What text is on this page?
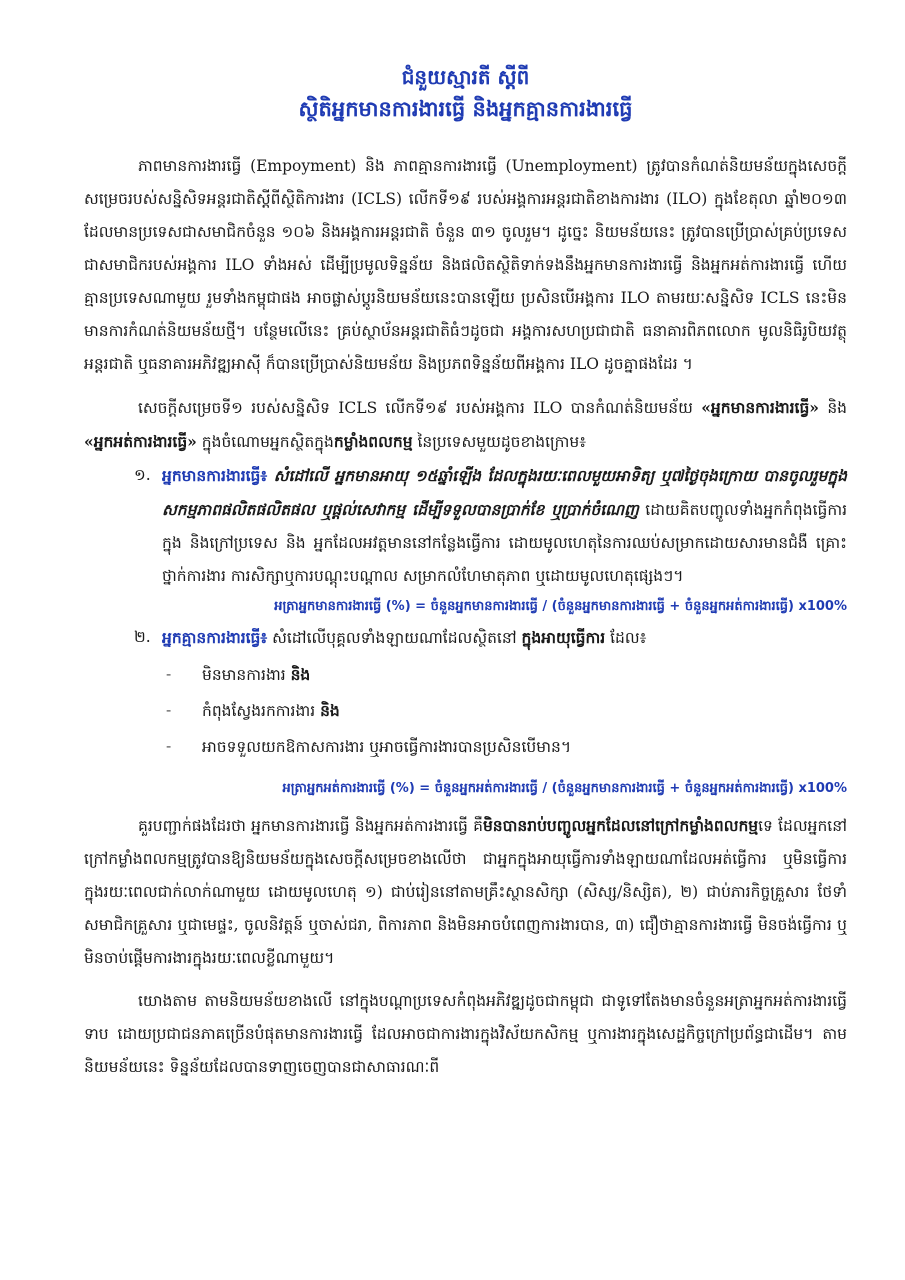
ជំនួយស្មារតី ស្តីពី
ស្ថិតិអ្នកមានការងារធ្វើ និងអ្នកគ្មានការងារធ្វើ

ភាពមានការងារធ្វើ (Empoyment) និង ភាពគ្មានការងារធ្វើ (Unemployment) ត្រូវបានកំណត់និយមន័យក្នុងសេចក្តីសម្រេចរបស់សន្និសិទអន្តរជាតិស្តីពីស្ថិតិការងារ (ICLS) លើកទី១៩ របស់អង្គការអន្តរជាតិខាងការងារ (ILO) ក្នុងខែតុលា ឆ្នាំ២០១៣ ដែលមានប្រទេសជាសមាជិកចំនួន ១០៦ និងអង្គការអន្តរជាតិ ចំនួន ៣១ ចូលរួម។ ដូច្នេះ និយមន័យនេះ ត្រូវបានប្រើប្រាស់គ្រប់ប្រទេសជាសមាជិករបស់អង្គការ ILO ទាំងអស់ ដើម្បីប្រមូលទិន្នន័យ និងផលិតស្ថិតិទាក់ទងនឹងអ្នកមានការងារធ្វើ និងអ្នកអត់ការងារធ្វើ ហើយគ្មានប្រទេសណាមួយ រួមទាំងកម្ពុជាផង អាចផ្លាស់ប្តូរនិយមន័យនេះបានឡើយ ប្រសិនបើអង្គការ ILO តាមរយៈសន្និសិទ ICLS នេះមិនមានការកំណត់និយមន័យថ្មី។ បន្ថែមលើនេះ គ្រប់ស្ថាប័នអន្តរជាតិធំៗដូចជា អង្គការសហប្រជាជាតិ ធនាគារពិភពលោក មូលនិធិរូបិយវត្ថុអន្តរជាតិ ឬធនាគារអភិវឌ្ឍអាស៊ី ក៏បានប្រើប្រាស់និយមន័យ និងប្រភពទិន្នន័យពីអង្គការ ILO ដូចគ្នាផងដែរ ។

សេចក្តីសម្រេចទី១ របស់សន្និសិទ ICLS លើកទី១៩ របស់អង្គការ ILO បានកំណត់និយមន័យ «អ្នកមានការងារធ្វើ» និង «អ្នកអត់ការងារធ្វើ» ក្នុងចំណោមអ្នកស្ថិតក្នុងកម្លាំងពលកម្ម នៃប្រទេសមួយដូចខាងក្រោម៖

១. អ្នកមានការងារធ្វើ៖ សំដៅលើ អ្នកមានអាយុ ១៥ឆ្នាំឡើង ដែលក្នុងរយៈពេលមួយអាទិត្យ ឬ៧ថ្ងៃចុងក្រោយ បានចូលរួមក្នុងសកម្មភាពផលិតផលិតផល ឬផ្តល់សេវាកម្ម ដើម្បីទទួលបានប្រាក់ខែ ឬប្រាក់ចំណេញ ដោយគិតបញ្ចូលទាំងអ្នកកំពុងធ្វើការក្នុង និងក្រៅប្រទេស និង អ្នកដែលអវត្តមាននៅកន្លែងធ្វើការ ដោយមូលហេតុនៃការឈប់សម្រាកដោយសារមានជំងឺ គ្រោះថ្នាក់ការងារ ការសិក្សាឬការបណ្តុះបណ្តាល សម្រាកលំហែមាតុភាព ឬដោយមូលហេតុផ្សេងៗ។

អត្រាអ្នកមានការងារធ្វើ (%) = ចំនួនអ្នកមានការងារធ្វើ / (ចំនួនអ្នកមានការងារធ្វើ + ចំនួនអ្នកអត់ការងារធ្វើ) x100%

២. អ្នកគ្មានការងារធ្វើ៖ សំដៅលើបុគ្គលទាំងឡាយណាដែលស្ថិតនៅ ក្នុងអាយុធ្វើការ ដែល៖

- មិនមានការងារ និង
- កំពុងស្វែងរកការងារ និង
- អាចទទួលយកឱកាសការងារ ឬអាចធ្វើការងារបានប្រសិនបើមាន។

អត្រាអ្នកអត់ការងារធ្វើ (%) = ចំនួនអ្នកអត់ការងារធ្វើ / (ចំនួនអ្នកមានការងារធ្វើ + ចំនួនអ្នកអត់ការងារធ្វើ) x100%

គួរបញ្ជាក់ផងដែរថា អ្នកមានការងារធ្វើ និងអ្នកអត់ការងារធ្វើ គឺមិនបានរាប់បញ្ចូលអ្នកដែលនៅក្រៅកម្លាំងពលកម្មទេ ដែលអ្នកនៅក្រៅកម្លាំងពលកម្មត្រូវបានឱ្យនិយមន័យក្នុងសេចក្តីសម្រេចខាងលើថា ជាអ្នកក្នុងអាយុធ្វើការទាំងឡាយណាដែលអត់ធ្វើការ ឬមិនធ្វើការក្នុងរយៈពេលជាក់លាក់ណាមួយ ដោយមូលហេតុ ១) ជាប់រៀននៅតាមគ្រឹះស្ថានសិក្សា (សិស្ស/និស្សិត), ២) ជាប់ភារកិច្ចគ្រួសារ ថែទាំសមាជិកគ្រួសារ ឬជាមេផ្ទះ, ចូលនិវត្តន៍ ឬចាស់ជរា, ពិការភាព និងមិនអាចបំពេញការងារបាន, ៣) ជឿថាគ្មានការងារធ្វើ មិនចង់ធ្វើការ ឬមិនចាប់ផ្តើមការងារក្នុងរយៈពេលខ្លីណាមួយ។

យោងតាម តាមនិយមន័យខាងលើ នៅក្នុងបណ្តាប្រទេសកំពុងអភិវឌ្ឍដូចជាកម្ពុជា ជាទូទៅតែងមានចំនួនអត្រាអ្នកអត់ការងារធ្វើទាប ដោយប្រជាជនភាគច្រើនបំផុតមានការងារធ្វើ ដែលអាចជាការងារក្នុងវិស័យកសិកម្ម ឬការងារក្នុងសេដ្ឋកិច្ចក្រៅប្រព័ន្ធជាដើម។ តាមនិយមន័យនេះ ទិន្នន័យដែលបានទាញចេញបានជាសាធារណៈពី
